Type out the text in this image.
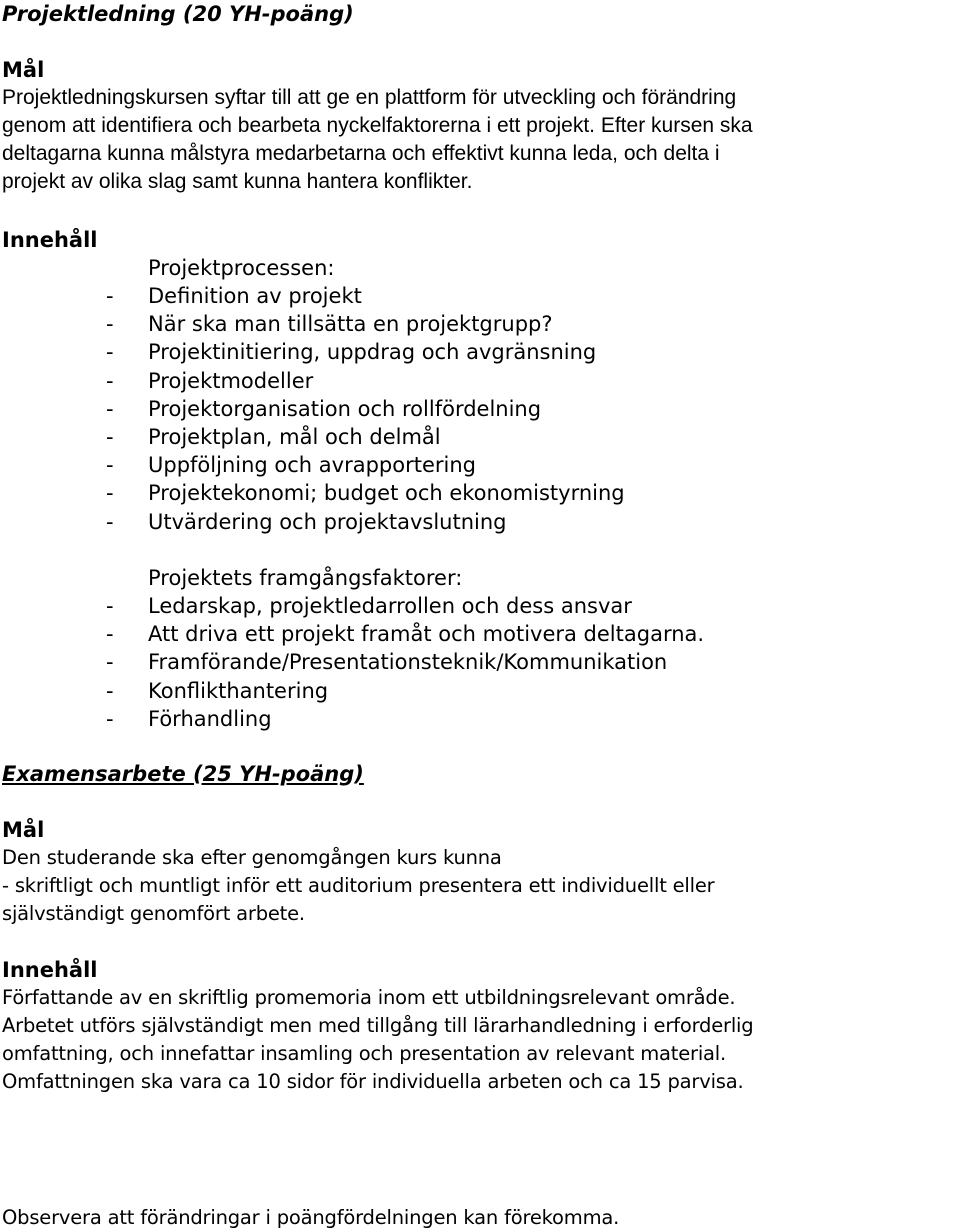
Projektledning (20 YH-poäng)
Mål

Projektledningskursen syftar till att ge en plattform för utveckling och förändring
genom att identifiera och bearbeta nyckelfaktorerna i ett projekt. Efter kursen ska
deltagarna kunna målstyra medarbetarna och effektivt kunna leda, och delta i
projekt av olika slag samt kunna hantera konflikter.

Innehåll

Projektprocessen:

- Definition av projekt
- När ska man tillsätta en projektgrupp?
- Projektinitiering, uppdrag och avgränsning
- Projektmodeller
- Projektorganisation och rollfördelning
- Projektplan, mål och delmål
- Uppföljning och avrapportering
- Projektekonomi; budget och ekonomistyrning
- Utvärdering och projektavslutning

Projektets framgångsfaktorer:

- Ledarskap, projektledarrollen och dess ansvar
- Att driva ett projekt framåt och motivera deltagarna.
- Framförande/Presentationsteknik/Kommunikation
- Konflikthantering
- Förhandling
Examensarbete (25 YH-poäng)
Mål

Den studerande ska efter genomgången kurs kunna
- skriftligt och muntligt inför ett auditorium presentera ett individuellt eller
självständigt genomfört arbete.

Innehåll

Författande av en skriftlig promemoria inom ett utbildningsrelevant område.
Arbetet utförs självständigt men med tillgång till lärarhandledning i erforderlig
omfattning, och innefattar insamling och presentation av relevant material.
Omfattningen ska vara ca 10 sidor för individuella arbeten och ca 15 parvisa.

Observera att förändringar i poängfördelningen kan förekomma.
